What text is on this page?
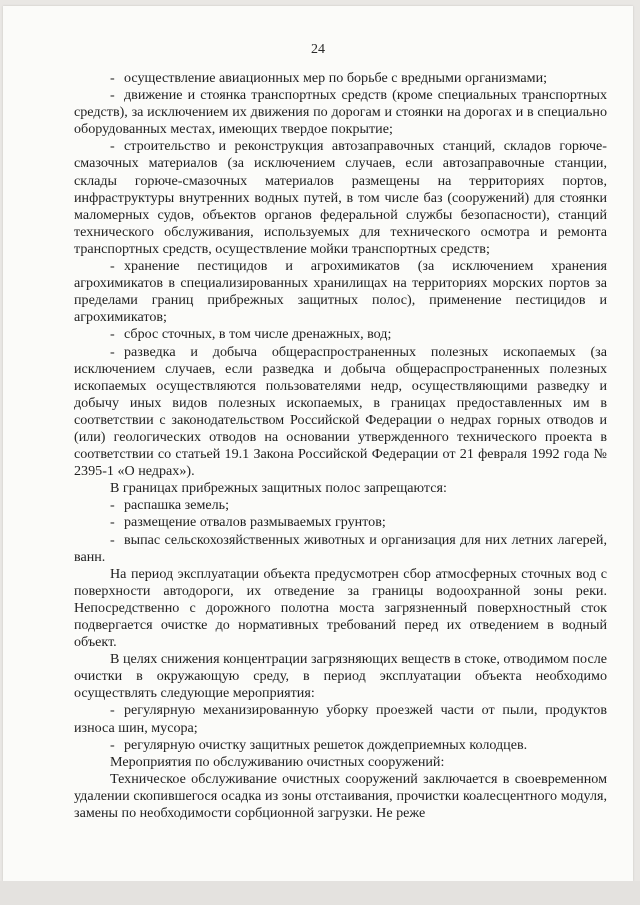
24

- осуществление авиационных мер по борьбе с вредными организмами;

- движение и стоянка транспортных средств (кроме специальных транспортных средств), за исключением их движения по дорогам и стоянки на дорогах и в специально оборудованных местах, имеющих твердое покрытие;

- строительство и реконструкция автозаправочных станций, складов горюче-смазочных материалов (за исключением случаев, если автозаправочные станции, склады горюче-смазочных материалов размещены на территориях портов, инфраструктуры внутренних водных путей, в том числе баз (сооружений) для стоянки маломерных судов, объектов органов федеральной службы безопасности), станций технического обслуживания, используемых для технического осмотра и ремонта транспортных средств, осуществление мойки транспортных средств;

- хранение пестицидов и агрохимикатов (за исключением хранения агрохимикатов в специализированных хранилищах на территориях морских портов за пределами границ прибрежных защитных полос), применение пестицидов и агрохимикатов;

- сброс сточных, в том числе дренажных, вод;

- разведка и добыча общераспространенных полезных ископаемых (за исключением случаев, если разведка и добыча общераспространенных полезных ископаемых осуществляются пользователями недр, осуществляющими разведку и добычу иных видов полезных ископаемых, в границах предоставленных им в соответствии с законодательством Российской Федерации о недрах горных отводов и (или) геологических отводов на основании утвержденного технического проекта в соответствии со статьей 19.1 Закона Российской Федерации от 21 февраля 1992 года № 2395-1 «О недрах»).

В границах прибрежных защитных полос запрещаются:

- распашка земель;

- размещение отвалов размываемых грунтов;

- выпас сельскохозяйственных животных и организация для них летних лагерей, ванн.

На период эксплуатации объекта предусмотрен сбор атмосферных сточных вод с поверхности автодороги, их отведение за границы водоохранной зоны реки. Непосредственно с дорожного полотна моста загрязненный поверхностный сток подвергается очистке до нормативных требований перед их отведением в водный объект.

В целях снижения концентрации загрязняющих веществ в стоке, отводимом после очистки в окружающую среду, в период эксплуатации объекта необходимо осуществлять следующие мероприятия:

- регулярную механизированную уборку проезжей части от пыли, продуктов износа шин, мусора;

- регулярную очистку защитных решеток дождеприемных колодцев.

Мероприятия по обслуживанию очистных сооружений:

Техническое обслуживание очистных сооружений заключается в своевременном удалении скопившегося осадка из зоны отстаивания, прочистки коалесцентного модуля, замены по необходимости сорбционной загрузки. Не реже
